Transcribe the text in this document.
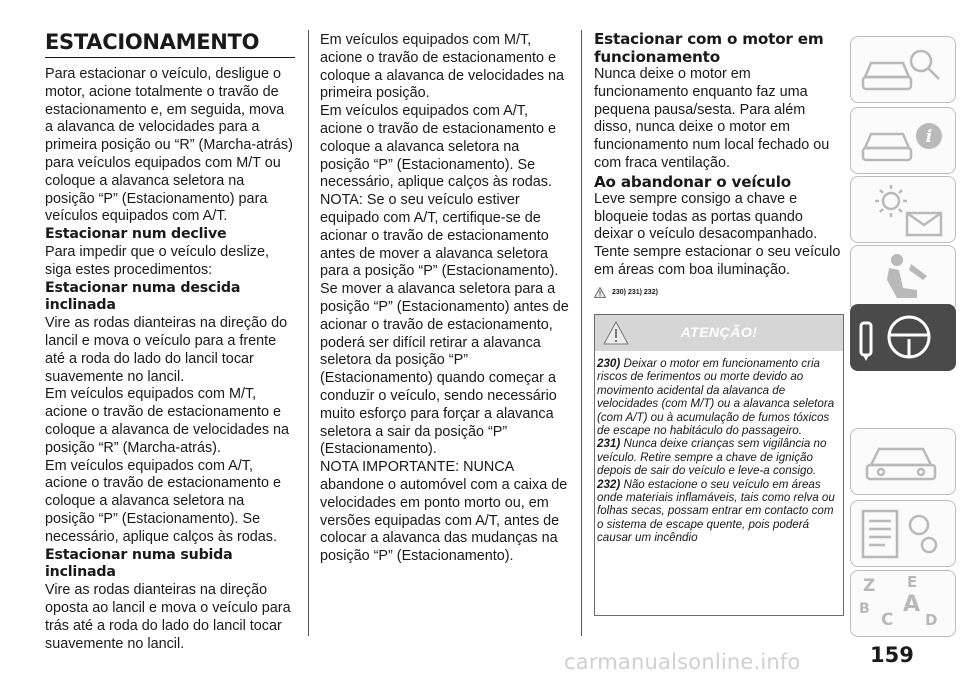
ESTACIONAMENTO

Para estacionar o veículo, desligue o motor, acione totalmente o travão de estacionamento e, em seguida, mova a alavanca de velocidades para a primeira posição ou “R” (Marcha-atrás) para veículos equipados com M/T ou coloque a alavanca seletora na posição “P” (Estacionamento) para veículos equipados com A/T.

Estacionar num declive

Para impedir que o veículo deslize, siga estes procedimentos:

Estacionar numa descida inclinada

Vire as rodas dianteiras na direção do lancil e mova o veículo para a frente até a roda do lado do lancil tocar suavemente no lancil.

Em veículos equipados com M/T, acione o travão de estacionamento e coloque a alavanca de velocidades na posição “R” (Marcha-atrás).

Em veículos equipados com A/T, acione o travão de estacionamento e coloque a alavanca seletora na posição “P” (Estacionamento). Se necessário, aplique calços às rodas.

Estacionar numa subida inclinada

Vire as rodas dianteiras na direção oposta ao lancil e mova o veículo para trás até a roda do lado do lancil tocar suavemente no lancil.

Em veículos equipados com M/T, acione o travão de estacionamento e coloque a alavanca de velocidades na primeira posição.

Em veículos equipados com A/T, acione o travão de estacionamento e coloque a alavanca seletora na posição “P” (Estacionamento). Se necessário, aplique calços às rodas.

NOTA: Se o seu veículo estiver equipado com A/T, certifique-se de acionar o travão de estacionamento antes de mover a alavanca seletora para a posição “P” (Estacionamento). Se mover a alavanca seletora para a posição “P” (Estacionamento) antes de acionar o travão de estacionamento, poderá ser difícil retirar a alavanca seletora da posição “P” (Estacionamento) quando começar a conduzir o veículo, sendo necessário muito esforço para forçar a alavanca seletora a sair da posição “P” (Estacionamento).

NOTA IMPORTANTE: NUNCA abandone o automóvel com a caixa de velocidades em ponto morto ou, em versões equipadas com A/T, antes de colocar a alavanca das mudanças na posição “P” (Estacionamento).

Estacionar com o motor em funcionamento

Nunca deixe o motor em funcionamento enquanto faz uma pequena pausa/sesta. Para além disso, nunca deixe o motor em funcionamento num local fechado ou com fraca ventilação.

Ao abandonar o veículo

Leve sempre consigo a chave e bloqueie todas as portas quando deixar o veículo desacompanhado.

Tente sempre estacionar o seu veículo em áreas com boa iluminação.

230) 231) 232)
ATENÇÃO!

230) Deixar o motor em funcionamento cria riscos de ferimentos ou morte devido ao movimento acidental da alavanca de velocidades (com M/T) ou a alavanca seletora (com A/T) ou à acumulação de fumos tóxicos de escape no habitáculo do passageiro.

231) Nunca deixe crianças sem vigilância no veículo. Retire sempre a chave de ignição depois de sair do veículo e leve-a consigo.

232) Não estacione o seu veículo em áreas onde materiais inflamáveis, tais como relva ou folhas secas, possam entrar em contacto com o sistema de escape quente, pois poderá causar um incêndio

i
Z E
B
C
A
D
159
carmanualsonline.info
